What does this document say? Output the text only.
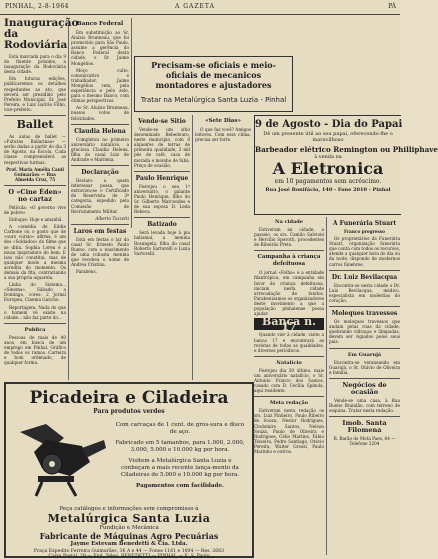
PINHAL, 2-8-1964	A GAZETA	PÁ
Inauguração da Rodoviária

Está marcada para o dia 9 do fluente próximo, a inauguração da Rodoviária desta cidade.

Em futuras edições, publicaremos os detalhes respeitantes ao ato, que deverá ser presidido pelo Prefeito Municipal, Sr. José Pereira, e Luiz Galvão Filho, vice-prefeito.

Ballet

As aulas de ballet — «Futuras Bailarinas» — serão dadas a partir do dia 3 de Agosto, na Escola. Cada classe compreenderá as respectivas turmas.

Prof. Maria Amélia Canil Guimarães — Rua Almeida Cruz, 75

O «Cine Éden» no cartaz

Película: «O governo vive de pobre»

Enfoque: Hoje e amanhã.

A comédia de Eddie Carbone ou o gosto que de «ouro cursio» afirma, é um dos «Soldados» do filme que se ditiu. Sophia Loren é a musa inspiradora do bem. E isso não constitui, mas de qualquer modo a mesma acredita do momento. Os demais da fita, contrariando a sua própria aquarela.

Linha do Sistema... «Sinema», Sábado a Domingo, cores: 2 Jornal Europeu, Cinema Gaúcho.

Reportagem: Nada do que o homem vê existe na cidade... não faz parte do...

Publica

Pessoas de mais de 40 anos, em busca de um emprego em Pinhal. Gráfico de todos os ramos. Carteira e bom ordenado, de qualquer forma.

Banco Federal

Em substituição ao Sr. Aluízio Brunneau, que foi promovido para São Paulo, assume a gerência do Banco Federal desta cidade, o Sr. Jaime Mongélios.

Moço culto, comunicativo e trabalhador, Jaime Mongélios vem, pela experiência e pelo zelo, para o mesmo Banco, com ótimas perspectivas.

Ao Sr. Aluízio Brunneau, nossos votos de felicidades.

Claudia Helena

Completou no primeiro aniversário natalício, a graciosa Claudia Helena, filha do casal Luiz de Andrade e Marilena.

Declaração

Declaro a quem interessar possa, que extraviou-se o Certificado de Reservista de 3ª categoria, expedido pela Comissão de Recrutamento Militar.

Alberto Tozzetti

Laros em festas

Está em festas o lar do casal Sr. Ernesto Paulo Bueno, com o nascimento de uma robusta menina que recebeu o nome de Andrea Cristina.

Parabéns.

Precisam-se oficiais e meio-oficiais de mecanicos montadores e ajustadores
Tratar na Metalúrgica Santa Luzia - Pinhal
Vende-se Sitio

Vende-se um sítio denominado Bebedouro, neste município, com 8 alqueires de terras de primeira qualidade, 3 mil pés de café, casa de morada e moinho de fubá. Preço de ocasião.

Paulo Henrique

Festejou o seu 1º aniversário, o galante Paulo Henrique, filho do Sr. Gilberto Marcondes e de sua esposa D. Leda Rebeca.

Batizado

Será levada hoje à pia batismal, a menina Rosangela, filha do casal Roberto Sartorelli e Luzia Sartorelli.

«Sete Dias»

O que faz você? Amigos leitores. Com esse clima, precisa ser forte.

9 de Agosto - Dia do Papai
Dê um presente útil ao seu papai, oferecendo-lhe o maravilhoso
Barbeador elétrico Remington ou Philliphave
à venda na
A Eletronica
em 10 pagamentos sem acréscimo.
Rua José Bonifácio, 140 - Fone 2010 - Pinhal
Na cidade

Estiveram na cidade, a passeio, os srs. Camilo Salvioni e Hercílio Sperotti, procedentes de Ribeirão Preto.

Campanha à criança defeituosa

O jornal «Folha» e a entidade filantrópica, em campanha em favor da criança defeituosa, iniciam nesta cidade arrecadação de fundos. Parabenizamos os organizadores deste movimento a que a população pinhalense possa ajudar.

Banca n. 17

Quando vier à cidade, visite a banca 17 e encontrará as revistas de todas as qualidades, e diversos periódicos.

Natalício

Festejou dia 30 último, mais um aniversário natalício, o Sr. Antonio Franco dos Santos, casado com D. Cecília Spinola, aqui residente.

Meta redação

Estiveram nesta redação os srs. Luiz Pinheiro, Paulo Ribeiro de Souza, Nestor Rodrigues, Clodomiro Santos, Nelson Souza, Paulo de Oliveira e Rodrigues, Célio Martins, Fábio Teixeira, Pedro Santiago, Otávio Pereira, Walter Grossi, Paulo Marinho e outros.

A Funerária Stuart

Franco progresso

Os proprietários da Funerária Stuart, organização funerária que conta com todos os recursos, atende a qualquer hora do dia ou da noite, dispondo de modernos carros fúnebres.

Dr. Luiz Bevilacqua

Encontra-se nesta cidade o Dr. Luiz Bevilacqua, médico, especialista em moléstias do coração.

Moleques travessos

Os moleques travessos que andam pelas ruas da cidade, quebrando vidraças e lâmpadas, devem ser vigiados pelos seus pais.

Em Guarujá

Encontra-se veraneando em Guarujá, o Sr. Otávio de Oliveira e família.

Negócios de ocasião

Vende-se uma casa, à Rua Bueno Brandão, com terreno de esquina. Tratar nesta redação.

Imob. Santa Filomena

R. Barão de Mota Paes, 64 — Telefone 2204

Picadeira e Ciladeira
Para produtos verdes
Com carcaças de 1 cent. de gros-sura e disco de aço.
Fabricado em 5 tamanhos, para 1.000, 2.000, 3.000, 5.000 e 10.000 kg por hora.
Visitem a Metalúrgica Santa Luzia e conheçam a mais recente lança-mento da Ciladeiras de 5.000 e 10.000 kg por hora.
Pagamentos com facilidade.
Peça catálogos e informações sem compromisso à
Metalúrgica Santa Luzia
Fundição e Mecânica
Fabricante de Máquinas Agro Pecuárias
Jayme Estevam Benedetti & Cia. Ltda.
Praça Expedito Ferreira Guimarães, 36 A e 44 — Fones 1161 e 1004 — Res. 2663
Caixa Postal, 29 — End. Teleg. BENEDETTI — PINHAL — E. S. Paulo
